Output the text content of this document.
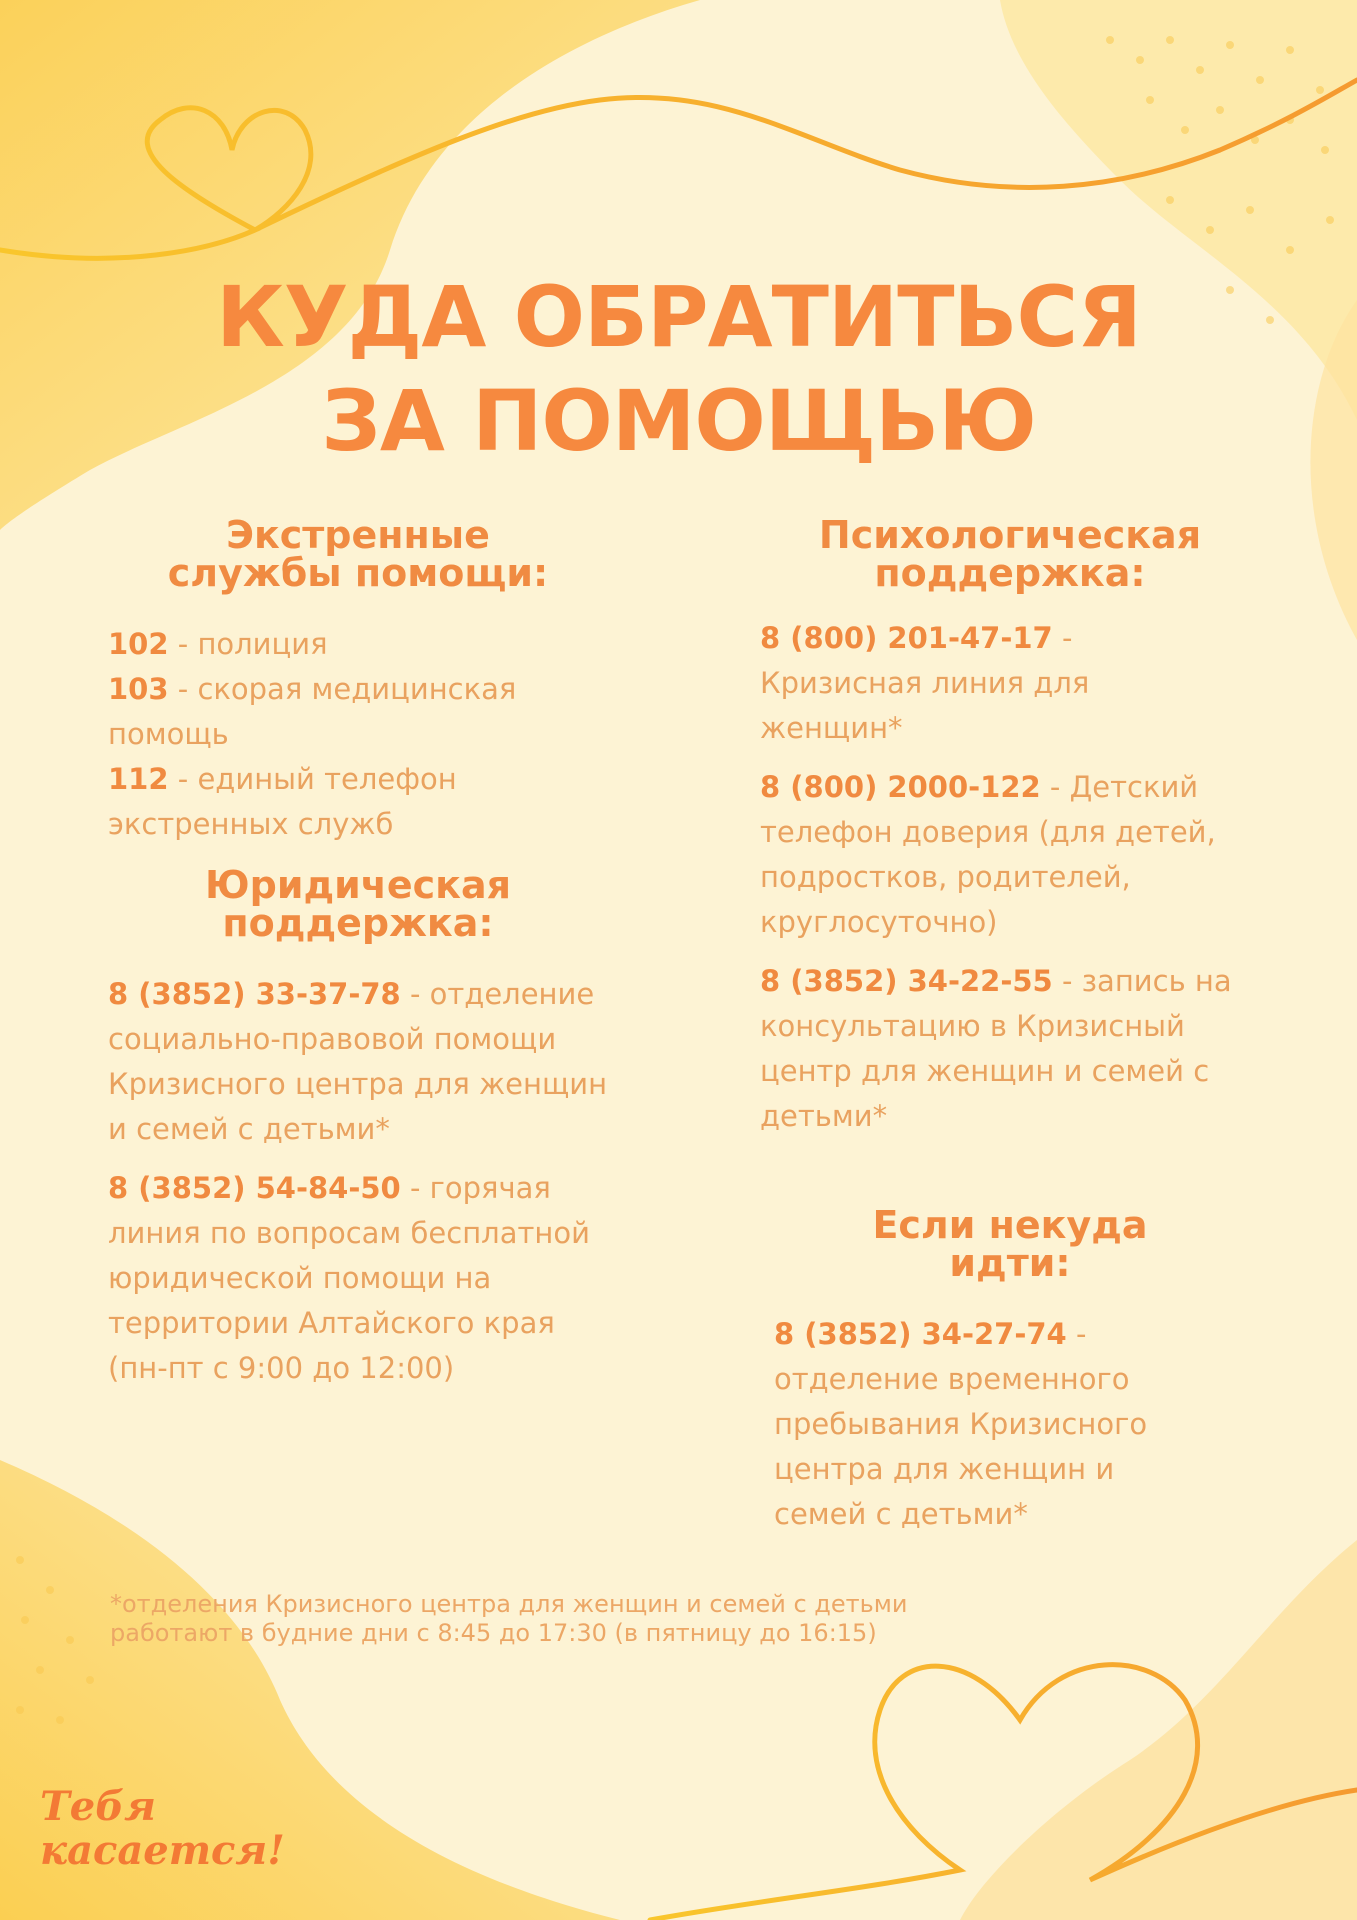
КУДА ОБРАТИТЬСЯ
ЗА ПОМОЩЬЮ
Экстренные
службы помощи:

102 - полиция

103 - скорая медицинская помощь

112 - единый телефон экстренных служб

Юридическая
поддержка:

8 (3852) 33-37-78 - отделение социально-правовой помощи Кризисного центра для женщин и семей с детьми*

8 (3852) 54-84-50 - горячая линия по вопросам бесплатной юридической помощи на территории Алтайского края (пн-пт с 9:00 до 12:00)

Психологическая
поддержка:

8 (800) 201-47-17 - Кризисная линия для женщин*

8 (800) 2000-122 - Детский телефон доверия (для детей, подростков, родителей, круглосуточно)

8 (3852) 34-22-55 - запись на консультацию в Кризисный центр для женщин и семей с детьми*

Если некуда
идти:

8 (3852) 34-27-74 - отделение временного пребывания Кризисного центра для женщин и семей с детьми*

*отделения Кризисного центра для женщин и семей с детьми
работают в будние дни с 8:45 до 17:30 (в пятницу до 16:15)
Тебя
касается!
